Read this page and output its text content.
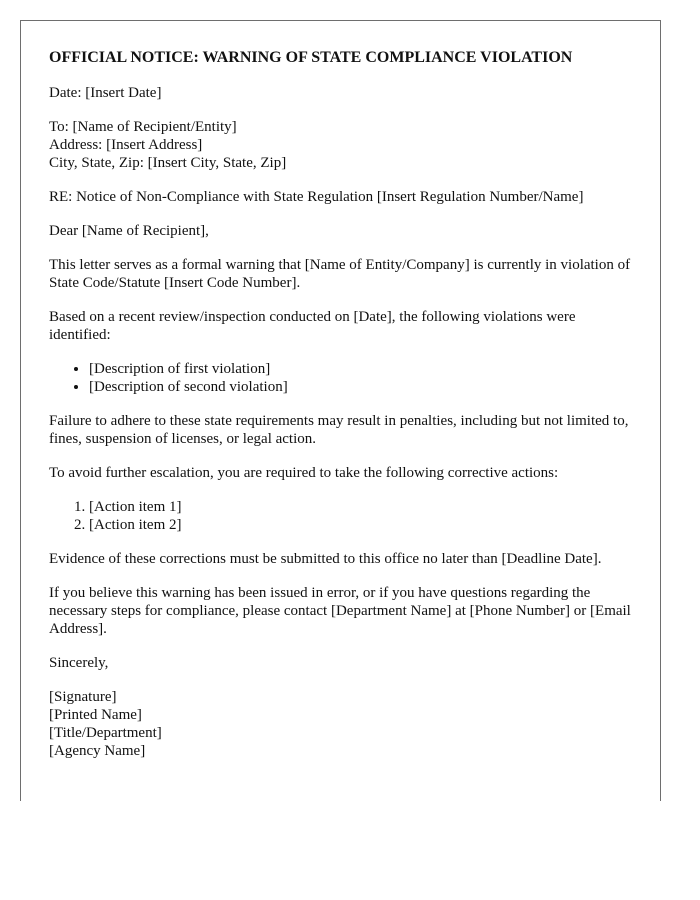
OFFICIAL NOTICE: WARNING OF STATE COMPLIANCE VIOLATION

Date: [Insert Date]

To: [Name of Recipient/Entity]
Address: [Insert Address]
City, State, Zip: [Insert City, State, Zip]

RE: Notice of Non-Compliance with State Regulation [Insert Regulation Number/Name]

Dear [Name of Recipient],

This letter serves as a formal warning that [Name of Entity/Company] is currently in violation of State Code/Statute [Insert Code Number].

Based on a recent review/inspection conducted on [Date], the following violations were identified:

• [Description of first violation]
• [Description of second violation]

Failure to adhere to these state requirements may result in penalties, including but not limited to, fines, suspension of licenses, or legal action.

To avoid further escalation, you are required to take the following corrective actions:

1. [Action item 1]
2. [Action item 2]

Evidence of these corrections must be submitted to this office no later than [Deadline Date].

If you believe this warning has been issued in error, or if you have questions regarding the necessary steps for compliance, please contact [Department Name] at [Phone Number] or [Email Address].

Sincerely,

[Signature]
[Printed Name]
[Title/Department]
[Agency Name]
